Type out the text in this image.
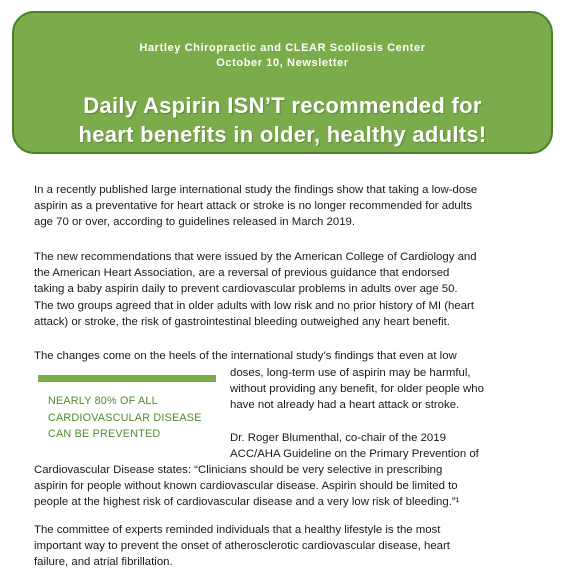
Hartley Chiropractic and CLEAR Scoliosis Center
October 10, Newsletter
Daily Aspirin ISN’T recommended for
heart benefits in older, healthy adults!
In a recently published large international study the findings show that taking a low-dose
aspirin as a preventative for heart attack or stroke is no longer recommended for adults
age 70 or over, according to guidelines released in March 2019.
The new recommendations that were issued by the American College of Cardiology and
the American Heart Association, are a reversal of previous guidance that endorsed
taking a baby aspirin daily to prevent cardiovascular problems in adults over age 50.
The two groups agreed that in older adults with low risk and no prior history of MI (heart
attack) or stroke, the risk of gastrointestinal bleeding outweighed any heart benefit.
The changes come on the heels of the international study’s findings that even at low
doses, long-term use of aspirin may be harmful,
without providing any benefit, for older people who
have not already had a heart attack or stroke.
NEARLY 80% OF ALL
CARDIOVASCULAR DISEASE
CAN BE PREVENTED	Dr. Roger Blumenthal, co-chair of the 2019
ACC/AHA Guideline on the Primary Prevention of
Cardiovascular Disease states: “Clinicians should be very selective in prescribing
aspirin for people without known cardiovascular disease. Aspirin should be limited to
people at the highest risk of cardiovascular disease and a very low risk of bleeding.”¹
The committee of experts reminded individuals that a healthy lifestyle is the most
important way to prevent the onset of atherosclerotic cardiovascular disease, heart
failure, and atrial fibrillation.
